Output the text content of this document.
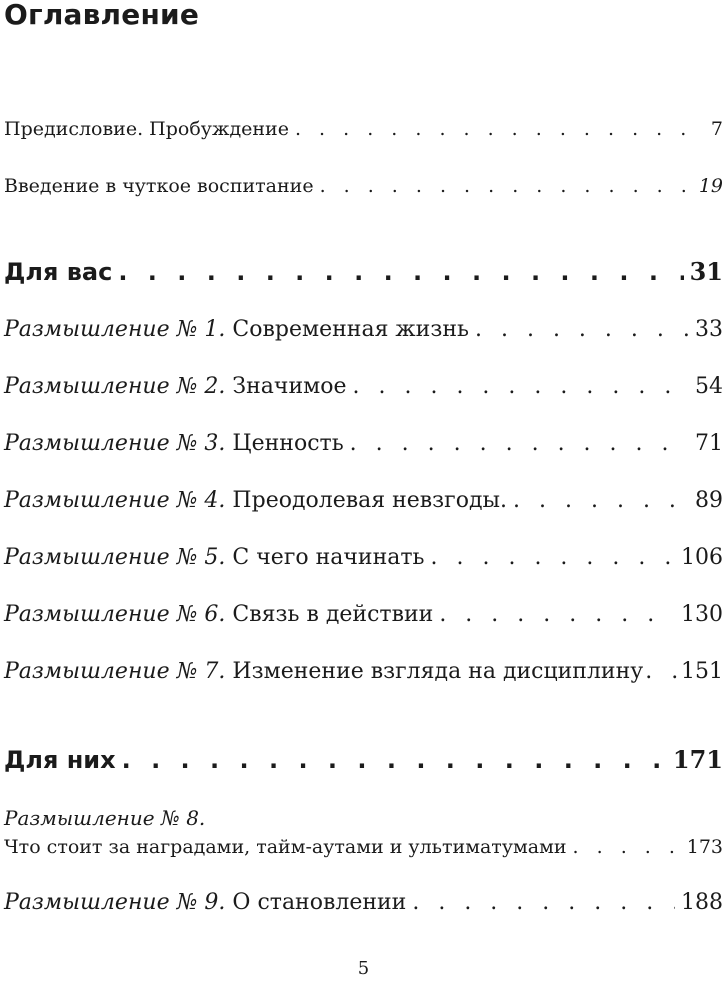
Оглавление
Предисловие. Пробуждение . . .	7
Введение в чуткое воспитание . . .	19
Для вас . . .	31
Размышление № 1. Современная жизнь . . .	33
Размышление № 2. Значимое . . .	54
Размышление № 3. Ценность . . .	71
Размышление № 4. Преодолевая невзгоды. . . .	89
Размышление № 5. С чего начинать . . .	106
Размышление № 6. Связь в действии . . .	130
Размышление № 7. Изменение взгляда на дисциплину . . . 151
Для них . . .	171
Размышление № 8.
Что стоит за наградами, тайм-аутами и ультиматумами . . .	173
Размышление № 9. О становлении . . .	188
5
